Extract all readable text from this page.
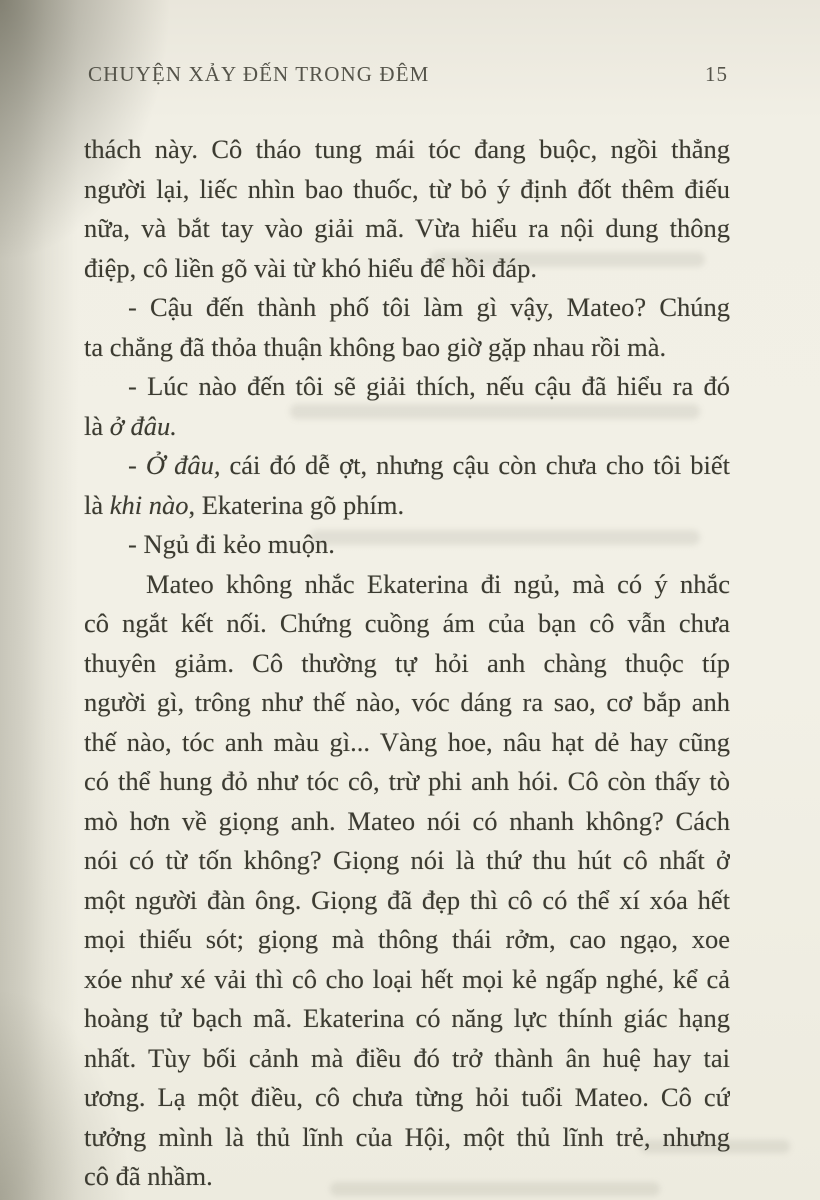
CHUYỆN XẢY ĐẾN TRONG ĐÊM	15
thách này. Cô tháo tung mái tóc đang buộc, ngồi thẳng
người lại, liếc nhìn bao thuốc, từ bỏ ý định đốt thêm điếu
nữa, và bắt tay vào giải mã. Vừa hiểu ra nội dung thông
điệp, cô liền gõ vài từ khó hiểu để hồi đáp.
- Cậu đến thành phố tôi làm gì vậy, Mateo? Chúng
ta chẳng đã thỏa thuận không bao giờ gặp nhau rồi mà.
- Lúc nào đến tôi sẽ giải thích, nếu cậu đã hiểu ra đó
là ở đâu.
- Ở đâu, cái đó dễ ợt, nhưng cậu còn chưa cho tôi biết
là khi nào, Ekaterina gõ phím.
- Ngủ đi kẻo muộn.
Mateo không nhắc Ekaterina đi ngủ, mà có ý nhắc
cô ngắt kết nối. Chứng cuồng ám của bạn cô vẫn chưa
thuyên giảm. Cô thường tự hỏi anh chàng thuộc típ
người gì, trông như thế nào, vóc dáng ra sao, cơ bắp anh
thế nào, tóc anh màu gì... Vàng hoe, nâu hạt dẻ hay cũng
có thể hung đỏ như tóc cô, trừ phi anh hói. Cô còn thấy tò
mò hơn về giọng anh. Mateo nói có nhanh không? Cách
nói có từ tốn không? Giọng nói là thứ thu hút cô nhất ở
một người đàn ông. Giọng đã đẹp thì cô có thể xí xóa hết
mọi thiếu sót; giọng mà thông thái rởm, cao ngạo, xoe
xóe như xé vải thì cô cho loại hết mọi kẻ ngấp nghé, kể cả
hoàng tử bạch mã. Ekaterina có năng lực thính giác hạng
nhất. Tùy bối cảnh mà điều đó trở thành ân huệ hay tai
ương. Lạ một điều, cô chưa từng hỏi tuổi Mateo. Cô cứ
tưởng mình là thủ lĩnh của Hội, một thủ lĩnh trẻ, nhưng
cô đã nhầm.
